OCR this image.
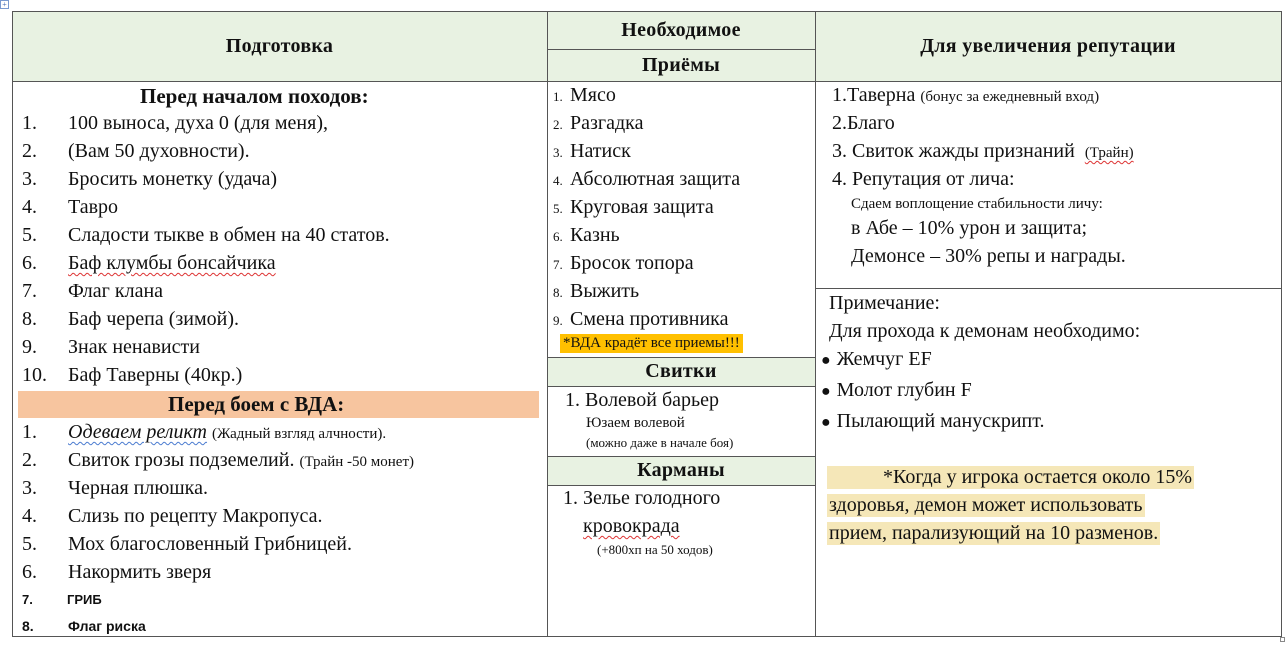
+
Подготовка
Необходимое
Приёмы
Для увеличения репутации
Свитки
Карманы
Перед началом походов:
1. 100 выноса, духа 0 (для меня),
2. (Вам 50 духовности).
3. Бросить монетку (удача)
4. Тавро
5. Сладости тыкве в обмен на 40 статов.
6. Баф клумбы бонсайчика
7. Флаг клана
8. Баф черепа (зимой).
9. Знак ненависти
10. Баф Таверны (40кр.)
Перед боем с ВДА:
1. Одеваем реликт (Жадный взгляд алчности).
2. Свиток грозы подземелий. (Трайн -50 монет)
3. Черная плюшка.
4. Слизь по рецепту Макропуса.
5. Мох благословенный Грибницей.
6. Накормить зверя
7.	ГРИБ
8. Флаг риска
1. Мясо
2. Разгадка
3. Натиск
4. Абсолютная защита
5. Круговая защита
6. Казнь
7. Бросок топора
8. Выжить
9. Смена противника
*ВДА крадёт все приемы!!!
1. Волевой барьер
Юзаем волевой
(можно даже в начале боя)
1. Зелье голодного
кровокрада
(+800хп на 50 ходов)
1.Таверна (бонус за ежедневный вход)
2.Благо
3. Свиток жажды признаний (Трайн)
4. Репутация от лича:
Сдаем воплощение стабильности личу:
в Абе – 10% урон и защита;
Демонсе – 30% репы и награды.
Примечание:
Для прохода к демонам необходимо:
● Жемчуг EF
● Молот глубин F
● Пылающий манускрипт.
*Когда у игрока остается около 15%
здоровья, демон может использовать
прием, парализующий на 10 разменов.
